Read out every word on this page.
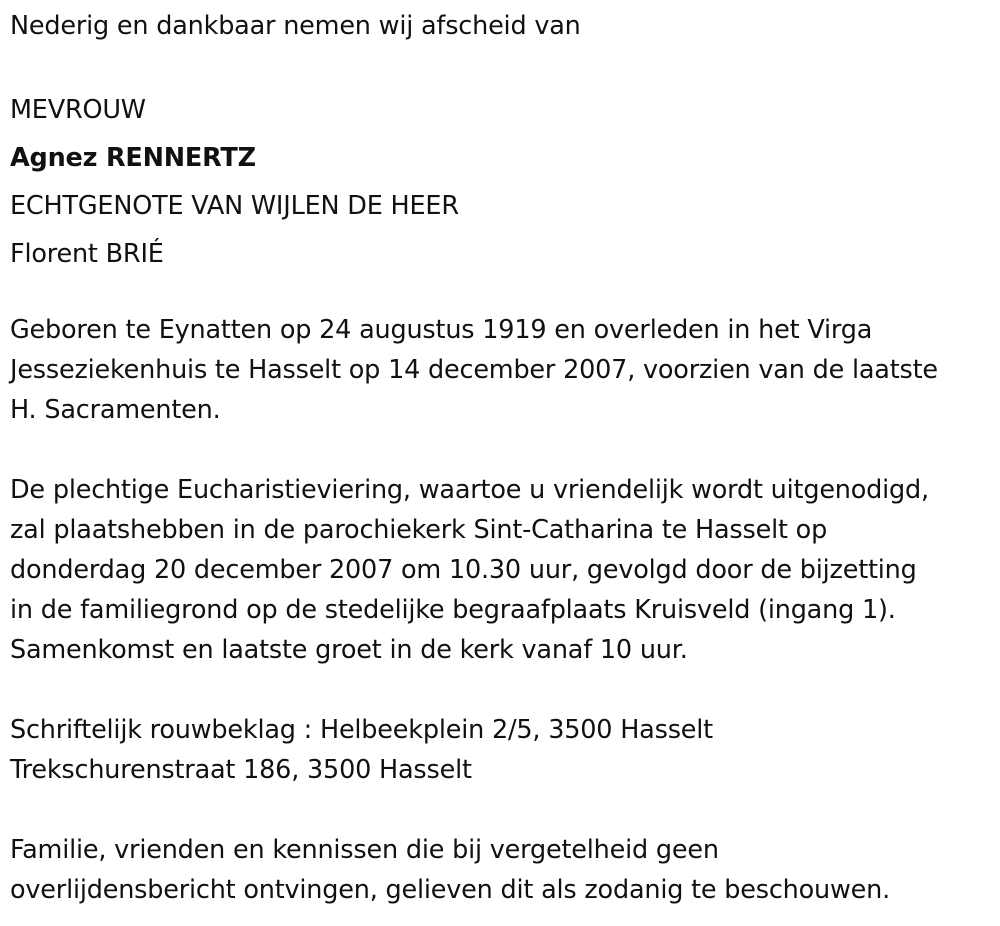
Nederig en dankbaar nemen wij afscheid van
MEVROUW
Agnez RENNERTZ
ECHTGENOTE VAN WIJLEN DE HEER
Florent BRIÉ
Geboren te Eynatten op 24 augustus 1919 en overleden in het Virga
Jesseziekenhuis te Hasselt op 14 december 2007, voorzien van de laatste
H. Sacramenten.
De plechtige Eucharistieviering, waartoe u vriendelijk wordt uitgenodigd,
zal plaatshebben in de parochiekerk Sint-Catharina te Hasselt op
donderdag 20 december 2007 om 10.30 uur, gevolgd door de bijzetting
in de familiegrond op de stedelijke begraafplaats Kruisveld (ingang 1).
Samenkomst en laatste groet in de kerk vanaf 10 uur.
Schriftelijk rouwbeklag : Helbeekplein 2/5, 3500 Hasselt
Trekschurenstraat 186, 3500 Hasselt
Familie, vrienden en kennissen die bij vergetelheid geen
overlijdensbericht ontvingen, gelieven dit als zodanig te beschouwen.
